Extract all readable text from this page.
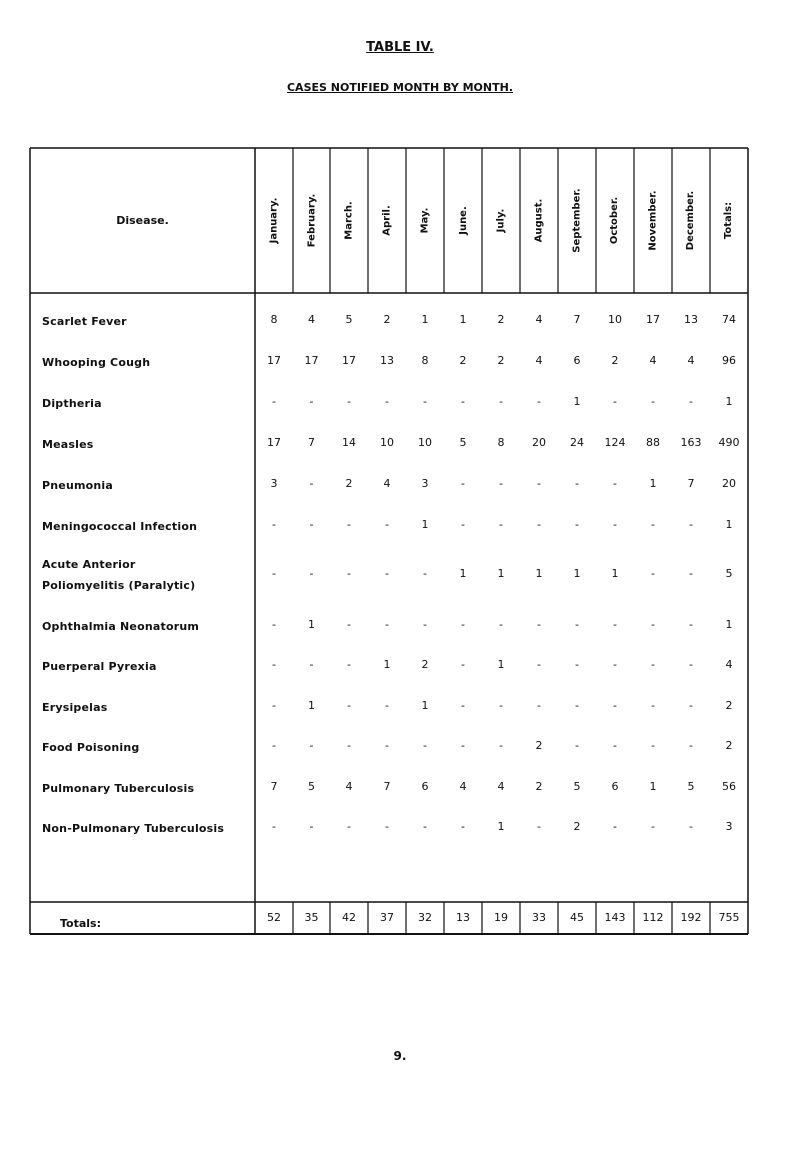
TABLE IV.
CASES NOTIFIED MONTH BY MONTH.
Disease.	January.	February.	March.	April.	May.	June.	July.	August.	September.	October.	November.	December.	Totals:
Scarlet Fever	8	4	5	2	1	1	2	4	7	10	17	13	74
Whooping Cough	17	17	17	13	8	2	2	4	6	2	4	4	96
Diptheria	-	-	-	-	-	-	-	-	1	-	-	-	1
Measles	17	7	14	10	10	5	8	20	24	124	88	163	490
Pneumonia	3	-	2	4	3	-	-	-	-	-	1	7	20
Meningococcal Infection	-	-	-	-	1	-	-	-	-	-	-	-	1
Acute Anterior
Poliomyelitis (Paralytic)
-	-	-	-	-	1	1	1	1	1	-	-	5
Ophthalmia Neonatorum	-	1	-	-	-	-	-	-	-	-	-	-	1
Puerperal Pyrexia	-	-	-	1	2	-	1	-	-	-	-	-	4
Erysipelas	-	1	-	-	1	-	-	-	-	-	-	-	2
Food Poisoning	-	-	-	-	-	-	-	2	-	-	-	-	2
Pulmonary Tuberculosis	7	5	4	7	6	4	4	2	5	6	1	5	56
Non-Pulmonary Tuberculosis	-	-	-	-	-	-	1	-	2	-	-	-	3
Totals:	52	35	42	37	32	13	19	33	45	143	112	192	755
9.
